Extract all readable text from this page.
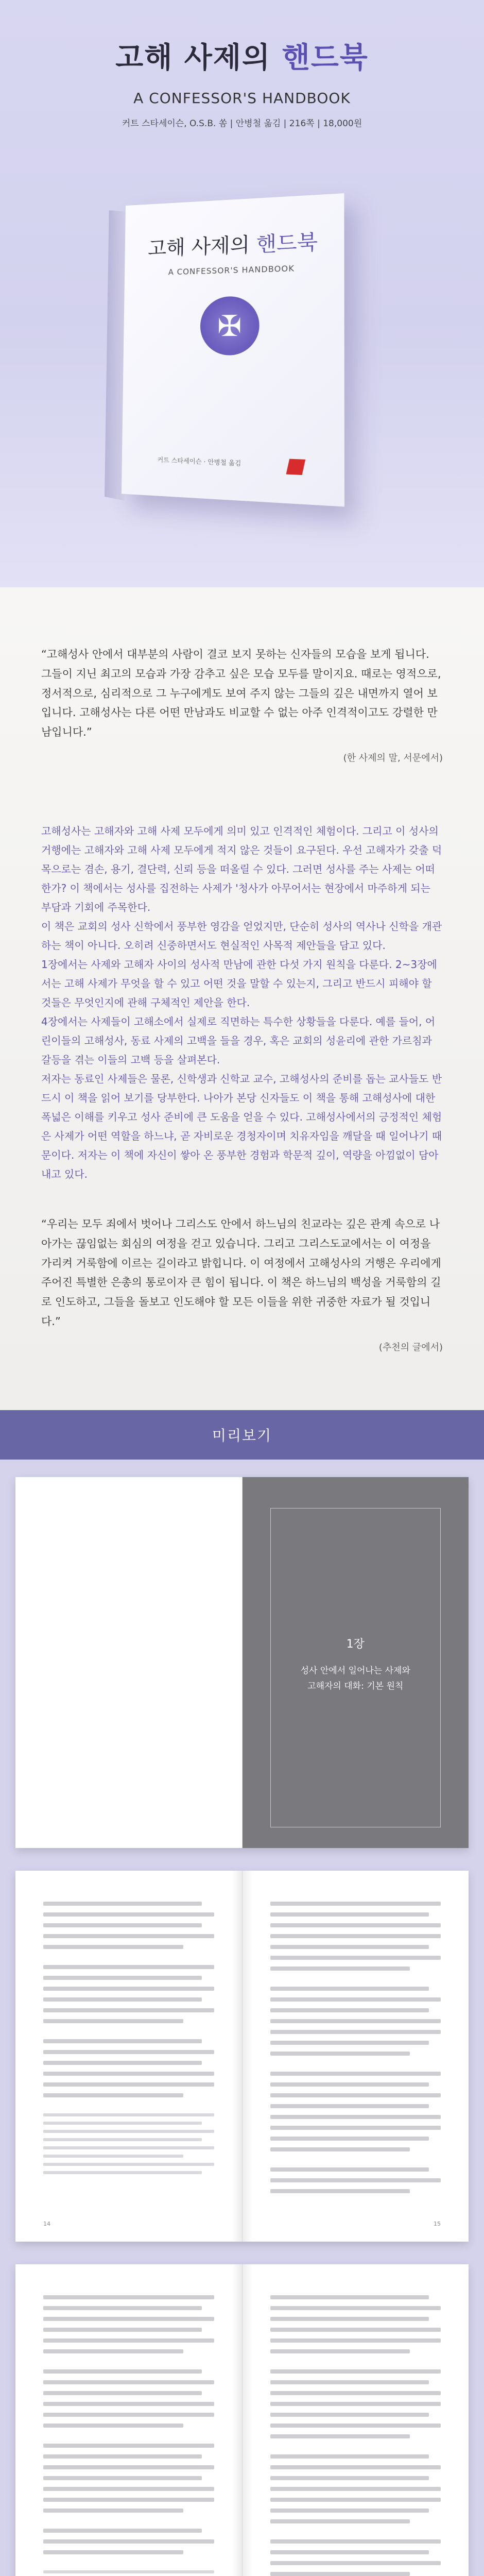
고해 사제의 핸드북
A CONFESSOR'S HANDBOOK
커트 스타세이슨, O.S.B. 쏨 | 안병철 옮김 | 216쪽 | 18,000원
고해 사제의 핸드북
A CONFESSOR'S HANDBOOK
✠
커트 스타세이슨 · 안병철 옮김

“고해성사 안에서 대부분의 사람이 결코 보지 못하는 신자들의 모습을 보게 됩니다. 그들이 지닌 최고의 모습과 가장 감추고 싶은 모습 모두를 말이지요. 때로는 영적으로, 정서적으로, 심리적으로 그 누구에게도 보여 주지 않는 그들의 깊은 내면까지 열어 보입니다. 고해성사는 다른 어떤 만남과도 비교할 수 없는 아주 인격적이고도 강렬한 만남입니다.”

(한 사제의 말, 서문에서)

고해성사는 고해자와 고해 사제 모두에게 의미 있고 인격적인 체험이다. 그리고 이 성사의 거행에는 고해자와 고해 사제 모두에게 적지 않은 것들이 요구된다. 우선 고해자가 갖출 덕목으로는 겸손, 용기, 결단력, 신뢰 등을 떠올릴 수 있다. 그러면 성사를 주는 사제는 어떠한가? 이 책에서는 성사를 집전하는 사제가 '청사가 아무어서는 현장에서 마주하게 되는 부담과 기회에 주목한다.

이 책은 교회의 성사 신학에서 풍부한 영감을 얻었지만, 단순히 성사의 역사나 신학을 개관하는 책이 아니다. 오히려 신중하면서도 현실적인 사목적 제안들을 담고 있다.

1장에서는 사제와 고해자 사이의 성사적 만남에 관한 다섯 가지 원칙을 다룬다. 2~3장에서는 고해 사제가 무엇을 할 수 있고 어떤 것을 말할 수 있는지, 그리고 반드시 피해야 할 것들은 무엇인지에 관해 구체적인 제안을 한다.

4장에서는 사제들이 고해소에서 실제로 직면하는 특수한 상황들을 다룬다. 예를 들어, 어린이들의 고해성사, 동료 사제의 고백을 들을 경우, 혹은 교회의 성윤리에 관한 가르침과 갈등을 겪는 이들의 고백 등을 살펴본다.

저자는 동료인 사제들은 물론, 신학생과 신학교 교수, 고해성사의 준비를 돕는 교사들도 반드시 이 책을 읽어 보기를 당부한다. 나아가 본당 신자들도 이 책을 통해 고해성사에 대한 폭넓은 이해를 키우고 성사 준비에 큰 도움을 얻을 수 있다. 고해성사에서의 긍정적인 체험은 사제가 어떤 역할을 하느냐, 곧 자비로운 경청자이며 치유자임을 깨달을 때 일어나기 때문이다. 저자는 이 책에 자신이 쌓아 온 풍부한 경험과 학문적 깊이, 역량을 아낌없이 담아내고 있다.

“우리는 모두 죄에서 벗어나 그리스도 안에서 하느님의 친교라는 깊은 관계 속으로 나아가는 끊임없는 회심의 여정을 걷고 있습니다. 그리고 그리스도교에서는 이 여정을 가리켜 거룩함에 이르는 길이라고 밝힙니다. 이 여정에서 고해성사의 거행은 우리에게 주어진 특별한 은총의 통로이자 큰 힘이 됩니다. 이 책은 하느님의 백성을 거룩함의 길로 인도하고, 그들을 돌보고 인도해야 할 모든 이들을 위한 귀중한 자료가 될 것입니다.”

(추천의 글에서)

미리보기
1장
성사 안에서 일어나는 사제와
고해자의 대화: 기본 원칙
14	15
